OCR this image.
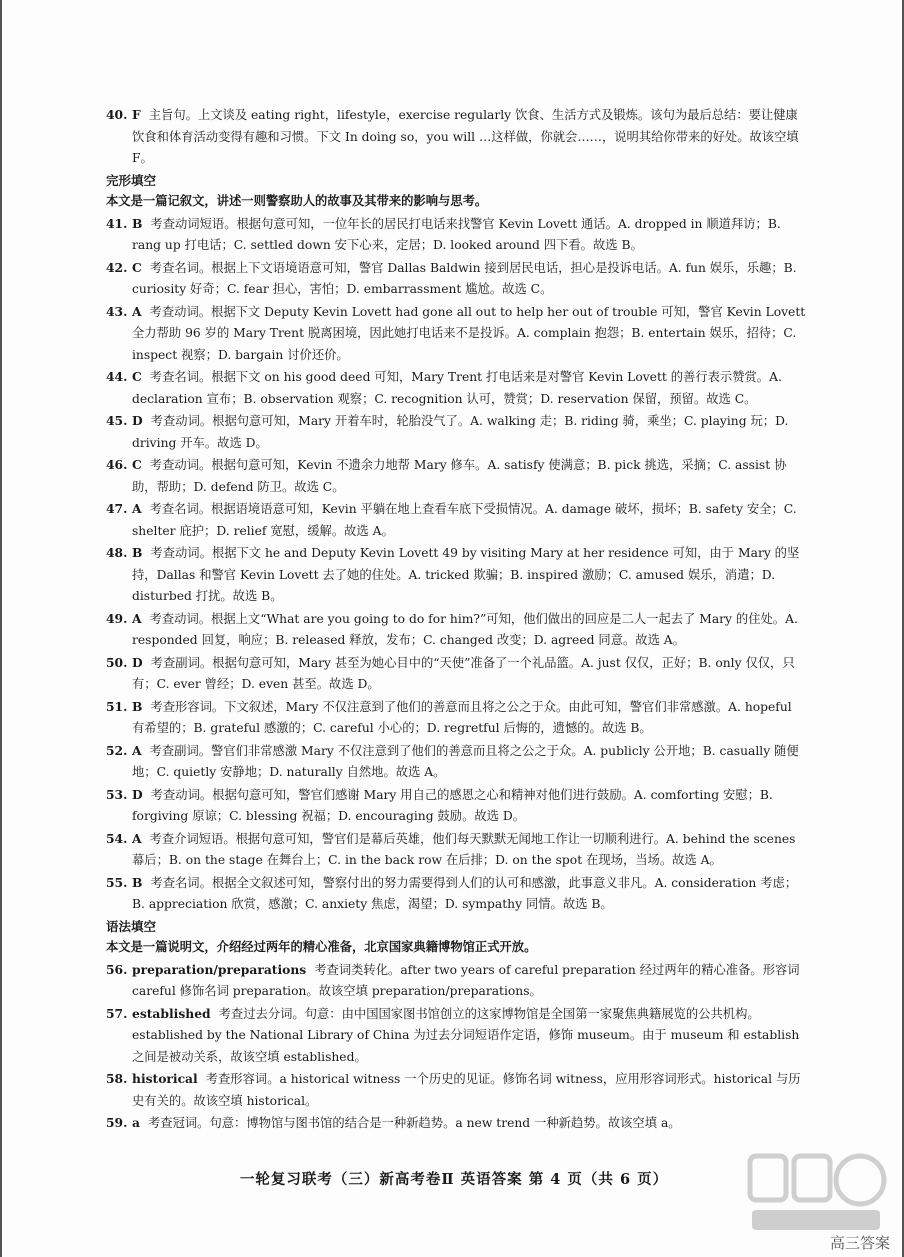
40. F 主旨句。上文谈及 eating right，lifestyle，exercise regularly 饮食、生活方式及锻炼。该句为最后总结：要让健康饮食和体育活动变得有趣和习惯。下文 In doing so，you will …这样做，你就会……，说明其给你带来的好处。故该空填 F。
完形填空
本文是一篇记叙文，讲述一则警察助人的故事及其带来的影响与思考。
41. B 考查动词短语。根据句意可知，一位年长的居民打电话来找警官 Kevin Lovett 通话。A. dropped in 顺道拜访；B. rang up 打电话；C. settled down 安下心来，定居；D. looked around 四下看。故选 B。
42. C 考查名词。根据上下文语境语意可知，警官 Dallas Baldwin 接到居民电话，担心是投诉电话。A. fun 娱乐，乐趣；B. curiosity 好奇；C. fear 担心，害怕；D. embarrassment 尴尬。故选 C。
43. A 考查动词。根据下文 Deputy Kevin Lovett had gone all out to help her out of trouble 可知，警官 Kevin Lovett 全力帮助 96 岁的 Mary Trent 脱离困境，因此她打电话来不是投诉。A. complain 抱怨；B. entertain 娱乐，招待；C. inspect 视察；D. bargain 讨价还价。
44. C 考查名词。根据下文 on his good deed 可知，Mary Trent 打电话来是对警官 Kevin Lovett 的善行表示赞赏。A. declaration 宣布；B. observation 观察；C. recognition 认可，赞赏；D. reservation 保留，预留。故选 C。
45. D 考查动词。根据句意可知，Mary 开着车时，轮胎没气了。A. walking 走；B. riding 骑，乘坐；C. playing 玩；D. driving 开车。故选 D。
46. C 考查动词。根据句意可知，Kevin 不遗余力地帮 Mary 修车。A. satisfy 使满意；B. pick 挑选，采摘；C. assist 协助，帮助；D. defend 防卫。故选 C。
47. A 考查名词。根据语境语意可知，Kevin 平躺在地上查看车底下受损情况。A. damage 破坏，损坏；B. safety 安全；C. shelter 庇护；D. relief 宽慰，缓解。故选 A。
48. B 考查动词。根据下文 he and Deputy Kevin Lovett 49 by visiting Mary at her residence 可知，由于 Mary 的坚持，Dallas 和警官 Kevin Lovett 去了她的住处。A. tricked 欺骗；B. inspired 激励；C. amused 娱乐，消遣；D. disturbed 打扰。故选 B。
49. A 考查动词。根据上文“What are you going to do for him?”可知，他们做出的回应是二人一起去了 Mary 的住处。A. responded 回复，响应；B. released 释放，发布；C. changed 改变；D. agreed 同意。故选 A。
50. D 考查副词。根据句意可知，Mary 甚至为她心目中的“天使”准备了一个礼品篮。A. just 仅仅，正好；B. only 仅仅，只有；C. ever 曾经；D. even 甚至。故选 D。
51. B 考查形容词。下文叙述，Mary 不仅注意到了他们的善意而且将之公之于众。由此可知，警官们非常感激。A. hopeful 有希望的；B. grateful 感激的；C. careful 小心的；D. regretful 后悔的，遗憾的。故选 B。
52. A 考查副词。警官们非常感激 Mary 不仅注意到了他们的善意而且将之公之于众。A. publicly 公开地；B. casually 随便地；C. quietly 安静地；D. naturally 自然地。故选 A。
53. D 考查动词。根据句意可知，警官们感谢 Mary 用自己的感恩之心和精神对他们进行鼓励。A. comforting 安慰；B. forgiving 原谅；C. blessing 祝福；D. encouraging 鼓励。故选 D。
54. A 考查介词短语。根据句意可知，警官们是幕后英雄，他们每天默默无闻地工作让一切顺利进行。A. behind the scenes 幕后；B. on the stage 在舞台上；C. in the back row 在后排；D. on the spot 在现场，当场。故选 A。
55. B 考查名词。根据全文叙述可知，警察付出的努力需要得到人们的认可和感激，此事意义非凡。A. consideration 考虑；B. appreciation 欣赏，感激；C. anxiety 焦虑，渴望；D. sympathy 同情。故选 B。
语法填空
本文是一篇说明文，介绍经过两年的精心准备，北京国家典籍博物馆正式开放。
56. preparation/preparations 考查词类转化。after two years of careful preparation 经过两年的精心准备。形容词 careful 修饰名词 preparation。故该空填 preparation/preparations。
57. established 考查过去分词。句意：由中国国家图书馆创立的这家博物馆是全国第一家聚焦典籍展览的公共机构。established by the National Library of China 为过去分词短语作定语，修饰 museum。由于 museum 和 establish 之间是被动关系，故该空填 established。
58. historical 考查形容词。a historical witness 一个历史的见证。修饰名词 witness，应用形容词形式。historical 与历史有关的。故该空填 historical。
59. a 考查冠词。句意：博物馆与图书馆的结合是一种新趋势。a new trend 一种新趋势。故该空填 a。
一轮复习联考（三）新高考卷Ⅱ 英语答案 第 4 页（共 6 页）
高三答案
